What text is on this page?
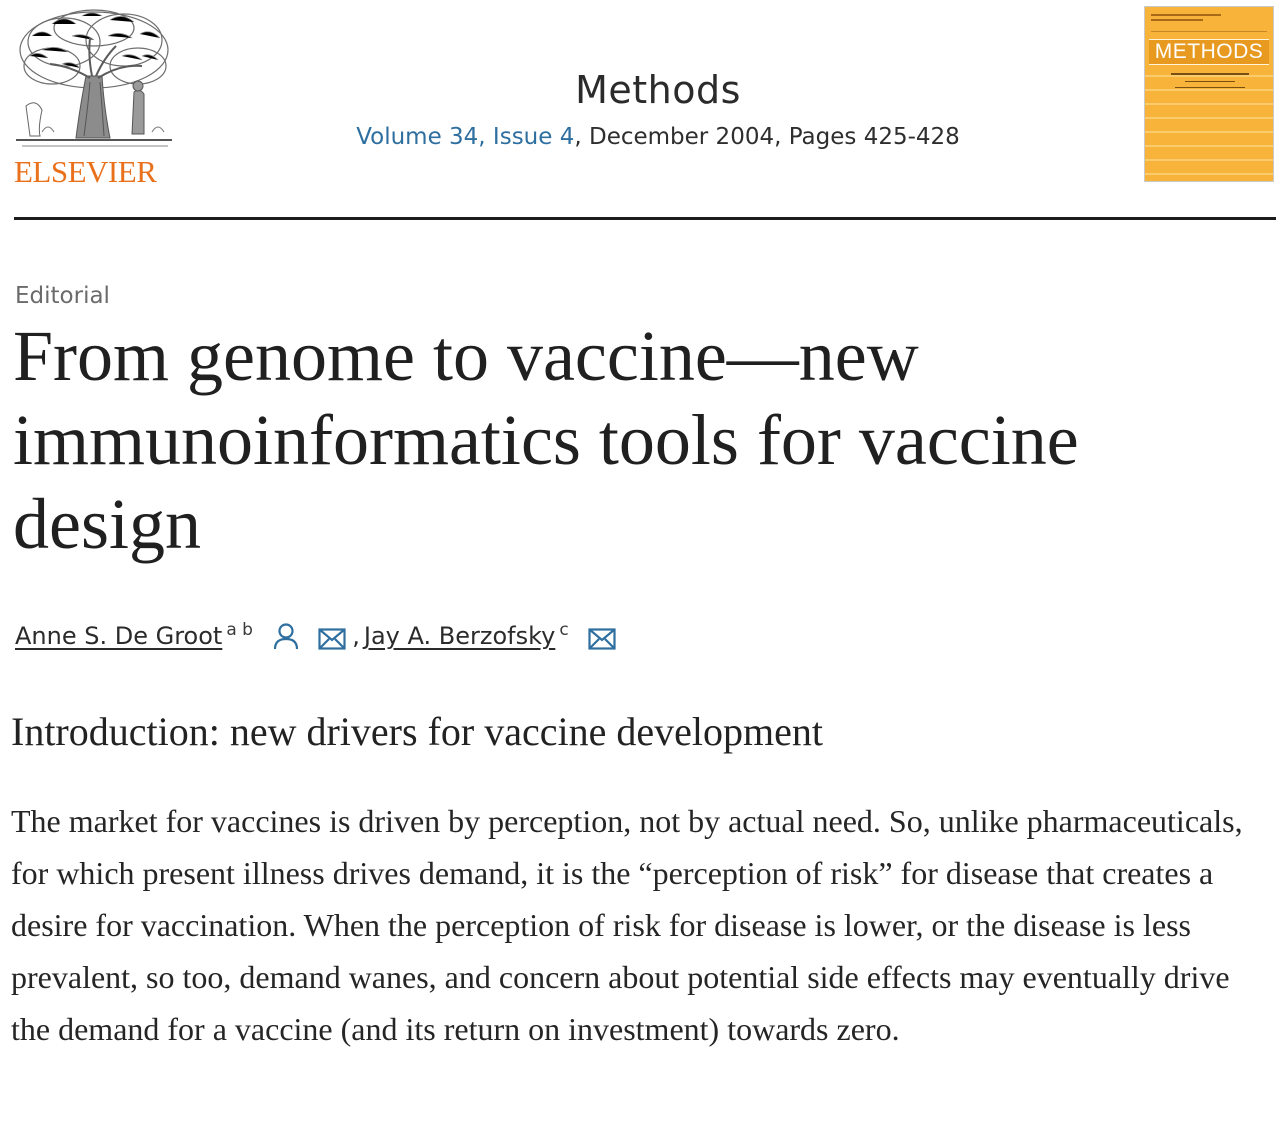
ELSEVIER
Methods
Volume 34, Issue 4, December 2004, Pages 425-428
METHODS
Editorial
From genome to vaccine—new immunoinformatics tools for vaccine design
Anne S. De Groot $^{a b}$	, Jay A. Berzofsky $^c$
Introduction: new drivers for vaccine development

The market for vaccines is driven by perception, not by actual need. So, unlike pharmaceuticals, for which present illness drives demand, it is the “perception of risk” for disease that creates a desire for vaccination. When the perception of risk for disease is lower, or the disease is less prevalent, so too, demand wanes, and concern about potential side effects may eventually drive the demand for a vaccine (and its return on investment) towards zero.
